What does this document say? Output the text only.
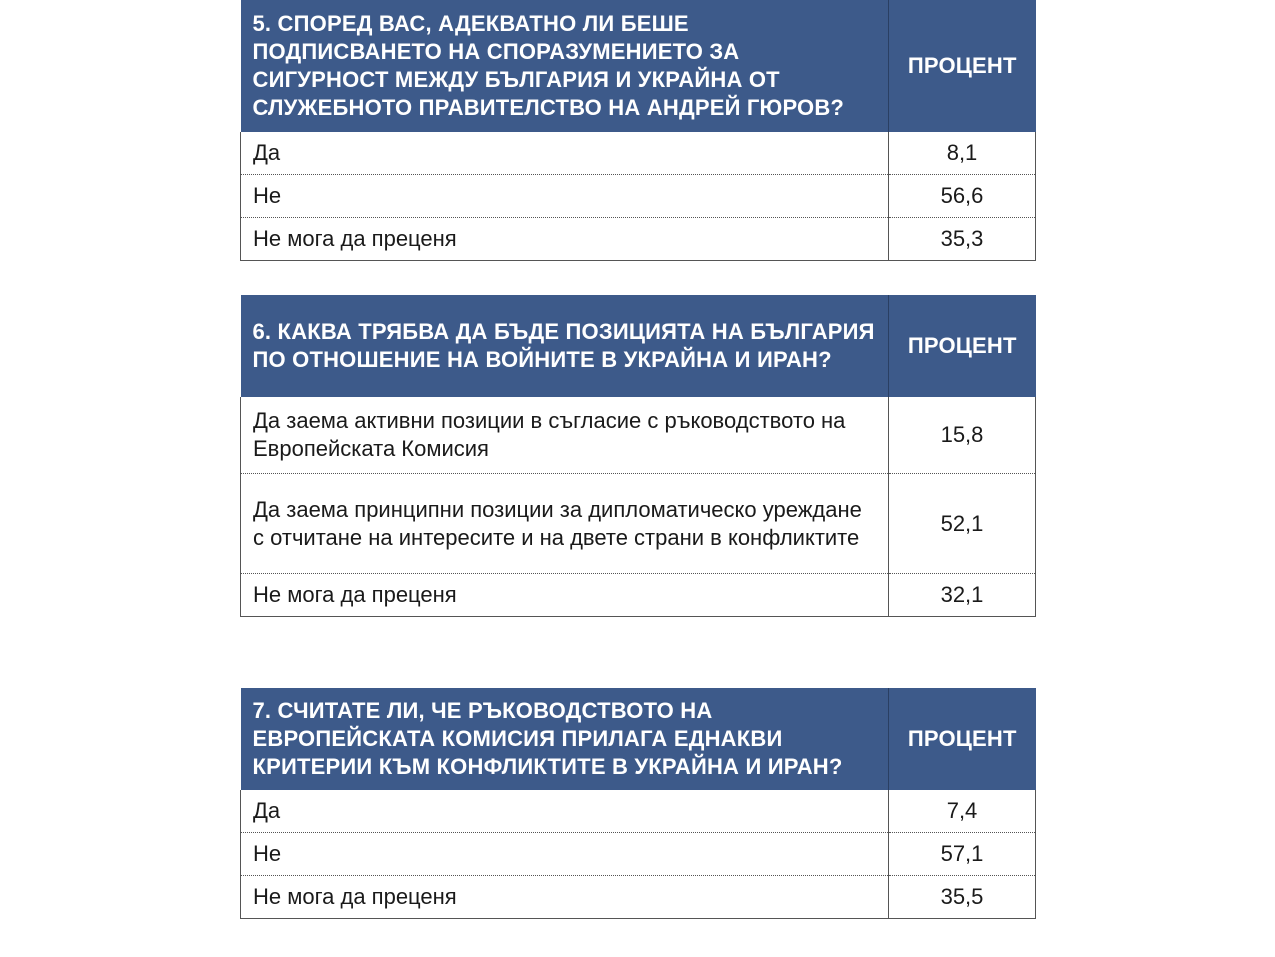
5. СПОРЕД ВАС, АДЕКВАТНО ЛИ БЕШЕ ПОДПИСВАНЕТО НА СПОРАЗУМЕНИЕТО ЗА СИГУРНОСТ МЕЖДУ БЪЛГАРИЯ И УКРАЙНА ОТ СЛУЖЕБНОТО ПРАВИТЕЛСТВО НА АНДРЕЙ ГЮРОВ?	ПРОЦЕНТ
Да	8,1
Не	56,6
Не мога да преценя	35,3
6. КАКВА ТРЯБВА ДА БЪДЕ ПОЗИЦИЯТА НА БЪЛГАРИЯ ПО ОТНОШЕНИЕ НА ВОЙНИТЕ В УКРАЙНА И ИРАН?	ПРОЦЕНТ
Да заема активни позиции в съгласие с ръководството на Европейската Комисия	15,8
Да заема принципни позиции за дипломатическо уреждане с отчитане на интересите и на двете страни в конфликтите	52,1
Не мога да преценя	32,1
7. СЧИТАТЕ ЛИ, ЧЕ РЪКОВОДСТВОТО НА ЕВРОПЕЙСКАТА КОМИСИЯ ПРИЛАГА ЕДНАКВИ КРИТЕРИИ КЪМ КОНФЛИКТИТЕ В УКРАЙНА И ИРАН?	ПРОЦЕНТ
Да	7,4
Не	57,1
Не мога да преценя	35,5
